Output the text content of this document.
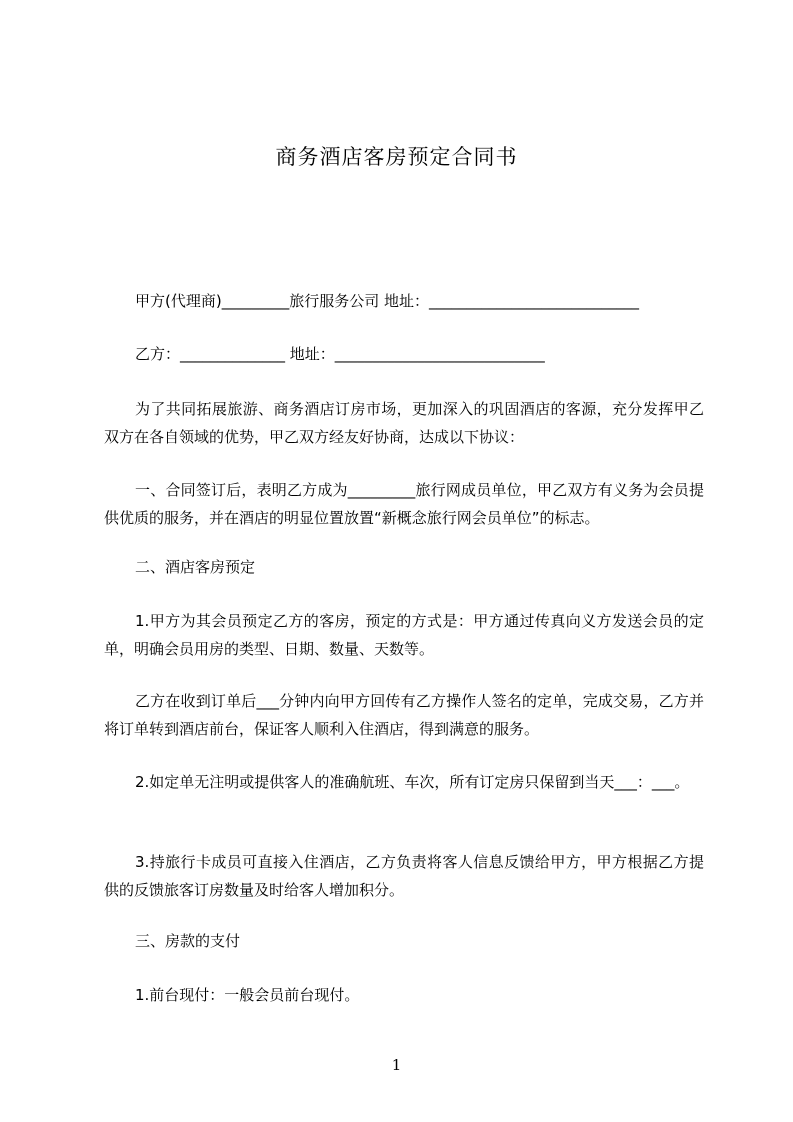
商务酒店客房预定合同书
甲方(代理商)_________旅行服务公司 地址：____________________________
乙方：______________ 地址：____________________________
为了共同拓展旅游、商务酒店订房市场，更加深入的巩固酒店的客源，充分发挥甲乙双方在各自领域的优势，甲乙双方经友好协商，达成以下协议：
一、合同签订后，表明乙方成为_________旅行网成员单位，甲乙双方有义务为会员提供优质的服务，并在酒店的明显位置放置“新概念旅行网会员单位”的标志。
二、酒店客房预定
1.甲方为其会员预定乙方的客房，预定的方式是：甲方通过传真向义方发送会员的定单，明确会员用房的类型、日期、数量、天数等。
乙方在收到订单后___分钟内向甲方回传有乙方操作人签名的定单，完成交易，乙方并将订单转到酒店前台，保证客人顺利入住酒店，得到满意的服务。
2.如定单无注明或提供客人的准确航班、车次，所有订定房只保留到当天___：___。
3.持旅行卡成员可直接入住酒店，乙方负责将客人信息反馈给甲方，甲方根据乙方提供的反馈旅客订房数量及时给客人增加积分。
三、房款的支付
1.前台现付：一般会员前台现付。
1
